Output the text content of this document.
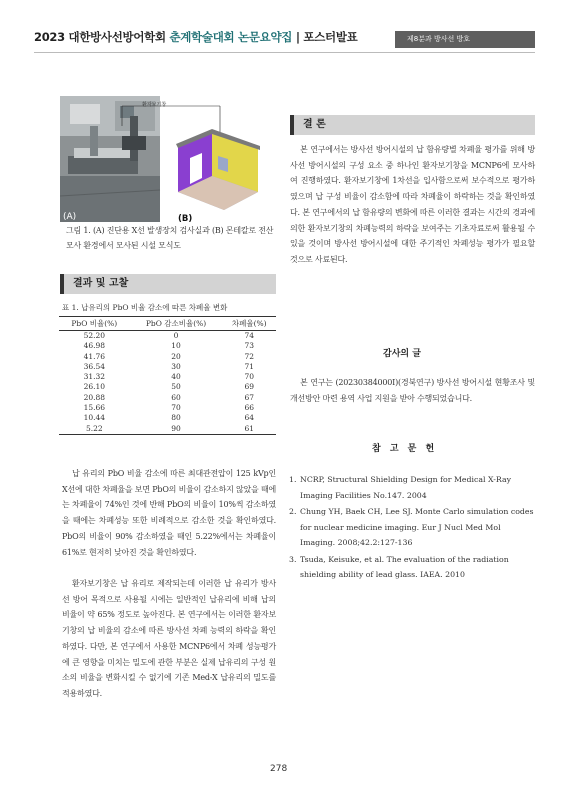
2023 대한방사선방어학회 춘계학술대회 논문요약집 | 포스터발표	제8분과 방사선 방호
(A)	(B)
환자보기창
그림 1. (A) 진단용 X선 발생장치 검사실과 (B) 몬테칼로 전산모사 환경에서 모사된 시설 모식도
결과 및 고찰
표 1. 납유리의 PbO 비율 감소에 따른 차폐율 변화
PbO 비율(%)	PbO 감소비율(%)	차폐율(%)
52.20	0	74
46.98	10	73
41.76	20	72
36.54	30	71
31.32	40	70
26.10	50	69
20.88	60	67
15.66	70	66
10.44	80	64
5.22	90	61
납 유리의 PbO 비율 감소에 따른 최대관전압이 125 kVp인 X선에 대한 차폐율을 보면 PbO의 비율이 감소하지 않았을 때에는 차폐율이 74%인 것에 반해 PbO의 비율이 10%씩 감소하였을 때에는 차폐성능 또한 비례적으로 감소한 것을 확인하였다. PbO의 비율이 90% 감소하였을 때인 5.22%에서는 차폐율이 61%로 현저히 낮아진 것을 확인하였다.
환자보기창은 납 유리로 제작되는데 이러한 납 유리가 방사선 방어 목적으로 사용될 시에는 일반적인 납유리에 비해 납의 비율이 약 65% 정도로 높아진다. 본 연구에서는 이러한 환자보기창의 납 비율의 감소에 따른 방사선 차폐 능력의 하락을 확인하였다. 다만, 본 연구에서 사용한 MCNP6에서 차폐 성능평가에 큰 영향을 미치는 밀도에 관한 부분은 실제 납유리의 구성 원소의 비율을 변화시킬 수 없기에 기존 Med-X 납유리의 밀도를 적용하였다.
결 론
본 연구에서는 방사선 방어시설의 납 함유량별 차폐율 평가를 위해 방사선 방어시설의 구성 요소 중 하나인 환자보기창을 MCNP6에 모사하여 진행하였다. 환자보기창에 1차선을 입사함으로써 보수적으로 평가하였으며 납 구성 비율이 감소함에 따라 차폐율이 하락하는 것을 확인하였다. 본 연구에서의 납 함유량의 변화에 따른 이러한 결과는 시간의 경과에 의한 환자보기창의 차폐능력의 하락을 보여주는 기초자료로써 활용될 수 있을 것이며 방사선 방어시설에 대한 주기적인 차폐성능 평가가 필요할 것으로 사료된다.
감사의 글
본 연구는 (20230384000I)(경북연구) 방사선 방어시설 현황조사 및 개선방안 마련 용역 사업 지원을 받아 수행되었습니다.
참 고 문 헌
1. NCRP, Structural Shielding Design for Medical X-Ray Imaging Facilities No.147. 2004
2. Chung YH, Baek CH, Lee SJ. Monte Carlo simulation codes for nuclear medicine imaging. Eur J Nucl Med Mol Imaging. 2008;42.2:127-136
3. Tsuda, Keisuke, et al. The evaluation of the radiation shielding ability of lead glass. IAEA. 2010
278
